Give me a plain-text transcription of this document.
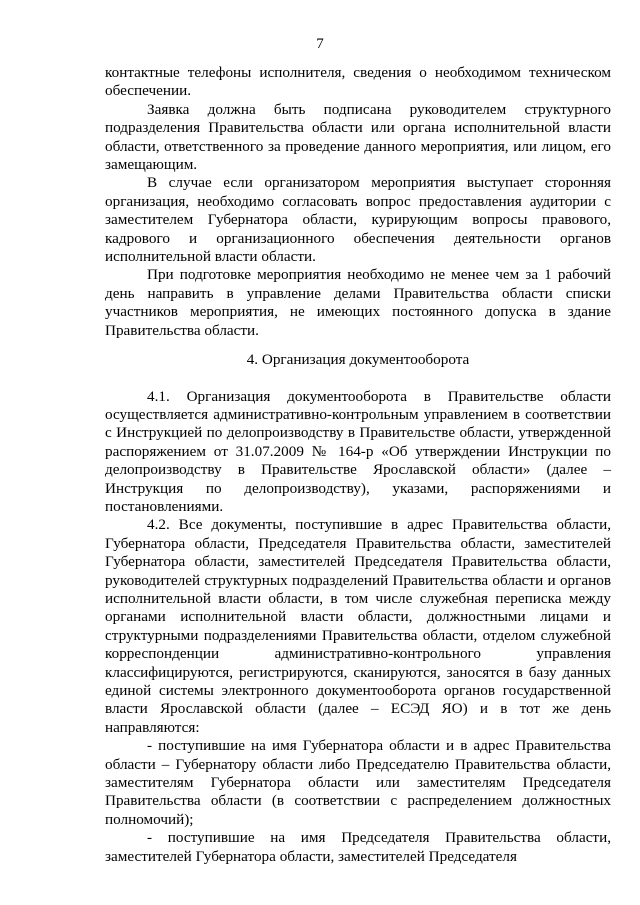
7

контактные телефоны исполнителя, сведения о необходимом техническом обеспечении.

Заявка должна быть подписана руководителем структурного подразделения Правительства области или органа исполнительной власти области, ответственного за проведение данного мероприятия, или лицом, его замещающим.

В случае если организатором мероприятия выступает сторонняя организация, необходимо согласовать вопрос предоставления аудитории с заместителем Губернатора области, курирующим вопросы правового, кадрового и организационного обеспечения деятельности органов исполнительной власти области.

При подготовке мероприятия необходимо не менее чем за 1 рабочий день направить в управление делами Правительства области списки участников мероприятия, не имеющих постоянного допуска в здание Правительства области.

4. Организация документооборота

4.1. Организация документооборота в Правительстве области осуществляется административно-контрольным управлением в соответствии с Инструкцией по делопроизводству в Правительстве области, утвержденной распоряжением от 31.07.2009 № 164-р «Об утверждении Инструкции по делопроизводству в Правительстве Ярославской области» (далее – Инструкция по делопроизводству), указами, распоряжениями и постановлениями.

4.2. Все документы, поступившие в адрес Правительства области, Губернатора области, Председателя Правительства области, заместителей Губернатора области, заместителей Председателя Правительства области, руководителей структурных подразделений Правительства области и органов исполнительной власти области, в том числе служебная переписка между органами исполнительной власти области, должностными лицами и структурными подразделениями Правительства области, отделом служебной корреспонденции административно-контрольного управления классифицируются, регистрируются, сканируются, заносятся в базу данных единой системы электронного документооборота органов государственной власти Ярославской области (далее – ЕСЭД ЯО) и в тот же день направляются:

- поступившие на имя Губернатора области и в адрес Правительства области – Губернатору области либо Председателю Правительства области, заместителям Губернатора области или заместителям Председателя Правительства области (в соответствии с распределением должностных полномочий);

- поступившие на имя Председателя Правительства области, заместителей Губернатора области, заместителей Председателя
